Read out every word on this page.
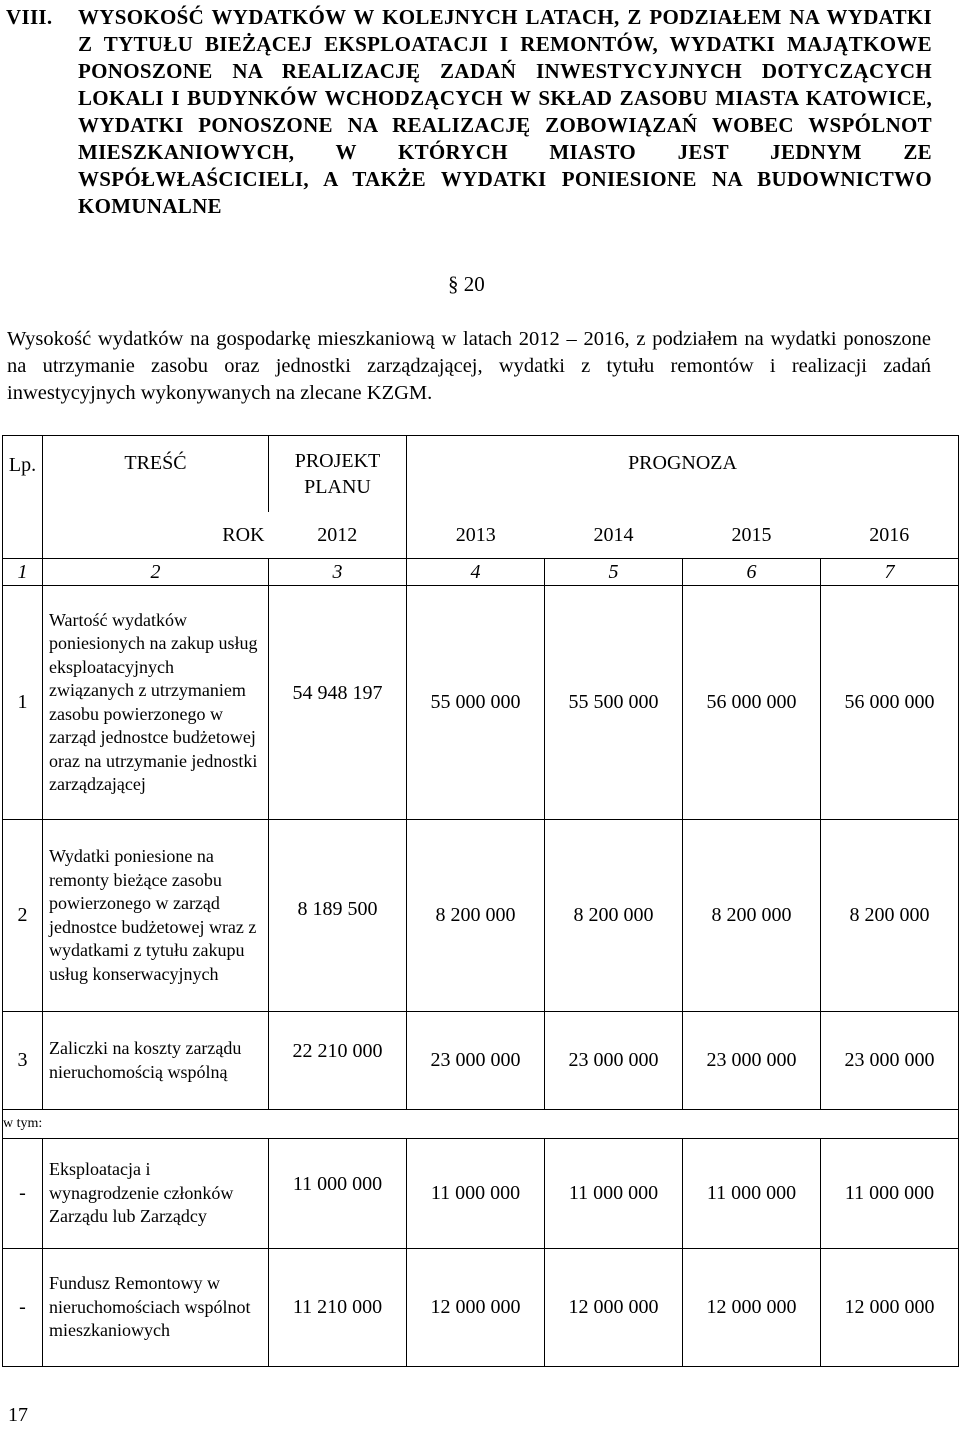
VIII. WYSOKOŚĆ WYDATKÓW W KOLEJNYCH LATACH, Z PODZIAŁEM NA WYDATKI Z TYTUŁU BIEŻĄCEJ EKSPLOATACJI I REMONTÓW, WYDATKI MAJĄTKOWE PONOSZONE NA REALIZACJĘ ZADAŃ INWESTYCYJNYCH DOTYCZĄCYCH LOKALI I BUDYNKÓW WCHODZĄCYCH W SKŁAD ZASOBU MIASTA KATOWICE, WYDATKI PONOSZONE NA REALIZACJĘ ZOBOWIĄZAŃ WOBEC WSPÓLNOT MIESZKANIOWYCH, W KTÓRYCH MIASTO JEST JEDNYM ZE WSPÓŁWŁAŚCICIELI, A TAKŻE WYDATKI PONIESIONE NA BUDOWNICTWO KOMUNALNE
§ 20
Wysokość wydatków na gospodarkę mieszkaniową w latach 2012 – 2016, z podziałem na wydatki ponoszone na utrzymanie zasobu oraz jednostki zarządzającej, wydatki z tytułu remontów i realizacji zadań inwestycyjnych wykonywanych na zlecane KZGM.
Lp.	TREŚĆ	PROJEKT PLANU	PROGNOZA			
	ROK	2012	2013	2014	2015	2016
1	2	3	4	5	6	7
1	Wartość wydatków poniesionych na zakup usług eksploatacyjnych związanych z utrzymaniem zasobu powierzonego w zarząd jednostce budżetowej oraz na utrzymanie jednostki zarządzającej	54 948 197	55 000 000	55 500 000	56 000 000	56 000 000
2	Wydatki poniesione na remonty bieżące zasobu powierzonego w zarząd jednostce budżetowej wraz z wydatkami z tytułu zakupu usług konserwacyjnych	8 189 500	8 200 000	8 200 000	8 200 000	8 200 000
3	Zaliczki na koszty zarządu nieruchomością wspólną	22 210 000	23 000 000	23 000 000	23 000 000	23 000 000
w tym:						
-	Eksploatacja i wynagrodzenie członków Zarządu lub Zarządcy	11 000 000	11 000 000	11 000 000	11 000 000	11 000 000
-	Fundusz Remontowy w nieruchomościach wspólnot mieszkaniowych	11 210 000	12 000 000	12 000 000	12 000 000	12 000 000
17
